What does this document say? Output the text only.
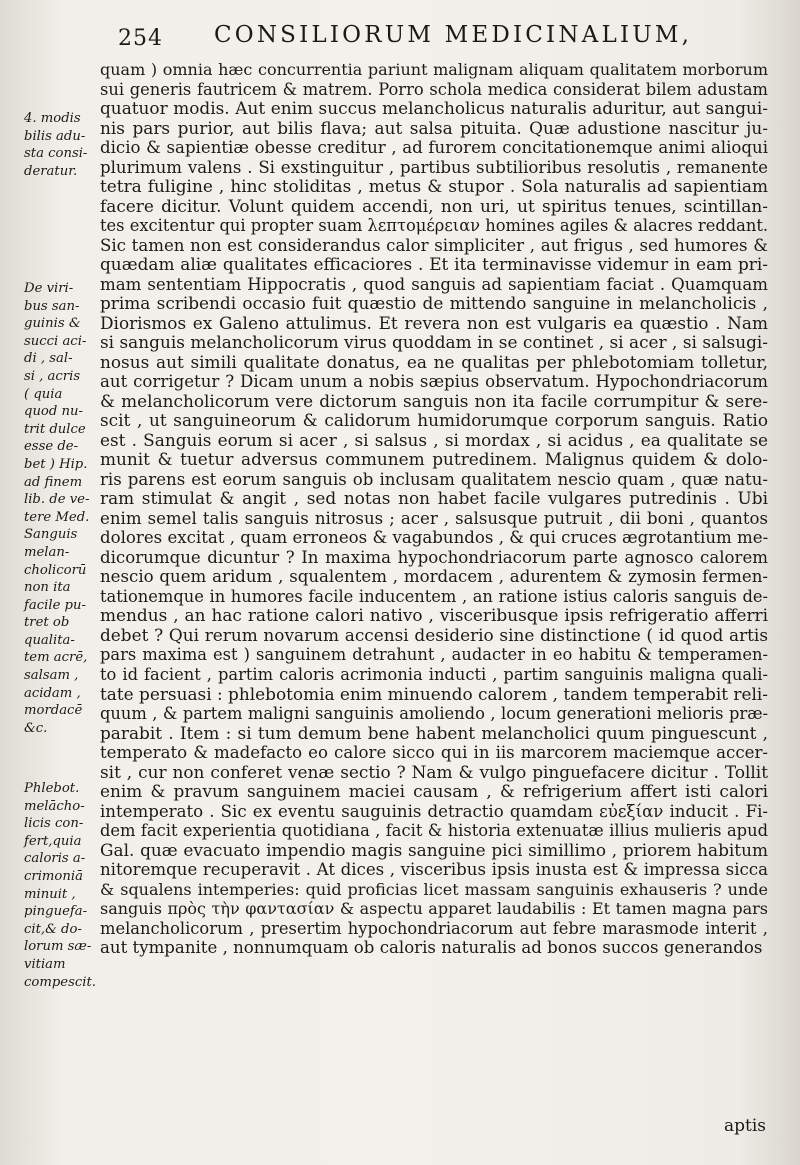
254 CONSILIORUM MEDICINALIUM,
4. modis
bilis adu-
sta consi-
deratur.
De viri-
bus san-
guinis &
succi aci-
di , sal-
si , acris
( quia
quod nu-
trit dulce
esse de-
bet ) Hip.
ad finem
lib. de ve-
tere Med.
Sanguis
melan-
cholicorū
non ita
facile pu-
tret ob
qualita-
tem acrē,
salsam ,
acidam ,
mordacē
&c.
Phlebot.
melācho-
licis con-
fert,quia
caloris a-
crimoniā
minuit ,
pinguefa-
cit,& do-
lorum sæ-
vitiam
compescit.
quam ) omnia hæc concurrentia pariunt malignam aliquam qualitatem morborum
sui generis fautricem & matrem. Porro schola medica considerat bilem adustam
quatuor modis. Aut enim succus melancholicus naturalis aduritur, aut sangui-
nis pars purior, aut bilis flava; aut salsa pituita. Quæ adustione nascitur ju-
dicio & sapientiæ obesse creditur , ad furorem concitationemque animi alioqui
plurimum valens . Si exstinguitur , partibus subtilioribus resolutis , remanente
tetra fuligine , hinc stoliditas , metus & stupor . Sola naturalis ad sapientiam
facere dicitur. Volunt quidem accendi, non uri, ut spiritus tenues, scintillan-
tes excitentur qui propter suam λεπτομέρειαν homines agiles & alacres reddant.
Sic tamen non est considerandus calor simpliciter , aut frigus , sed humores &
quædam aliæ qualitates efficaciores . Et ita terminavisse videmur in eam pri-
mam sententiam Hippocratis , quod sanguis ad sapientiam faciat . Quamquam
prima scribendi occasio fuit quæstio de mittendo sanguine in melancholicis ,
Diorismos ex Galeno attulimus. Et revera non est vulgaris ea quæstio . Nam
si sanguis melancholicorum virus quoddam in se continet , si acer , si salsugi-
nosus aut simili qualitate donatus, ea ne qualitas per phlebotomiam tolletur,
aut corrigetur ? Dicam unum a nobis sæpius observatum. Hypochondriacorum
& melancholicorum vere dictorum sanguis non ita facile corrumpitur & sere-
scit , ut sanguineorum & calidorum humidorumque corporum sanguis. Ratio
est . Sanguis eorum si acer , si salsus , si mordax , si acidus , ea qualitate se
munit & tuetur adversus communem putredinem. Malignus quidem & dolo-
ris parens est eorum sanguis ob inclusam qualitatem nescio quam , quæ natu-
ram stimulat & angit , sed notas non habet facile vulgares putredinis . Ubi
enim semel talis sanguis nitrosus ; acer , salsusque putruit , dii boni , quantos
dolores excitat , quam erroneos & vagabundos , & qui cruces ægrotantium me-
dicorumque dicuntur ? In maxima hypochondriacorum parte agnosco calorem
nescio quem aridum , squalentem , mordacem , adurentem & zymosin fermen-
tationemque in humores facile inducentem , an ratione istius caloris sanguis de-
mendus , an hac ratione calori nativo , visceribusque ipsis refrigeratio afferri
debet ? Qui rerum novarum accensi desiderio sine distinctione ( id quod artis
pars maxima est ) sanguinem detrahunt , audacter in eo habitu & temperamen-
to id facient , partim caloris acrimonia inducti , partim sanguinis maligna quali-
tate persuasi : phlebotomia enim minuendo calorem , tandem temperabit reli-
quum , & partem maligni sanguinis amoliendo , locum generationi melioris præ-
parabit . Item : si tum demum bene habent melancholici quum pinguescunt ,
temperato & madefacto eo calore sicco qui in iis marcorem maciemque accer-
sit , cur non conferet venæ sectio ? Nam & vulgo pinguefacere dicitur . Tollit
enim & pravum sanguinem maciei causam , & refrigerium affert isti calori
intemperato . Sic ex eventu sauguinis detractio quamdam εὐεξίαν inducit . Fi-
dem facit experientia quotidiana , facit & historia extenuatæ illius mulieris apud
Gal. quæ evacuato impendio magis sanguine pici simillimo , priorem habitum
nitoremque recuperavit . At dices , visceribus ipsis inusta est & impressa sicca
& squalens intemperies: quid proficias licet massam sanguinis exhauseris ? unde
sanguis πρὸς τὴν φαντασίαν & aspectu apparet laudabilis : Et tamen magna pars
melancholicorum , presertim hypochondriacorum aut febre marasmode interit ,
aut tympanite , nonnumquam ob caloris naturalis ad bonos succos generandos
aptis
